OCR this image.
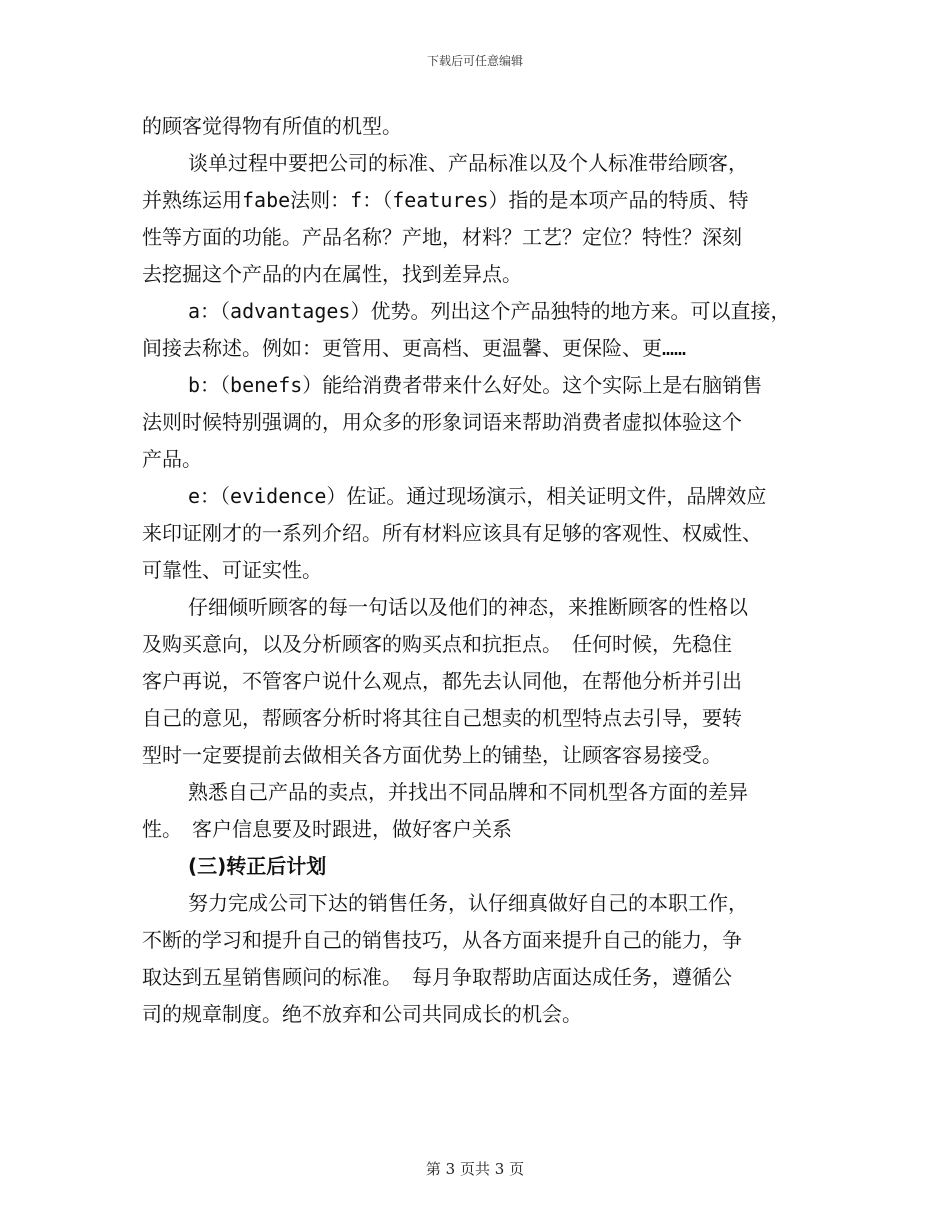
下载后可任意编辑
的顾客觉得物有所值的机型。
谈单过程中要把公司的标准、产品标准以及个人标准带给顾客，
并熟练运用fabe法则：f：（features）指的是本项产品的特质、特
性等方面的功能。产品名称？产地，材料？工艺？定位？特性？深刻
去挖掘这个产品的内在属性，找到差异点。
a：（advantages）优势。列出这个产品独特的地方来。可以直接，
间接去称述。例如：更管用、更高档、更温馨、更保险、更……
b：（benefs）能给消费者带来什么好处。这个实际上是右脑销售
法则时候特别强调的，用众多的形象词语来帮助消费者虚拟体验这个
产品。
e：（evidence）佐证。通过现场演示，相关证明文件，品牌效应
来印证刚才的一系列介绍。所有材料应该具有足够的客观性、权威性、
可靠性、可证实性。
仔细倾听顾客的每一句话以及他们的神态，来推断顾客的性格以
及购买意向，以及分析顾客的购买点和抗拒点。　任何时候，先稳住
客户再说，不管客户说什么观点，都先去认同他，在帮他分析并引出
自己的意见，帮顾客分析时将其往自己想卖的机型特点去引导，要转
型时一定要提前去做相关各方面优势上的铺垫，让顾客容易接受。
熟悉自己产品的卖点，并找出不同品牌和不同机型各方面的差异
性。　客户信息要及时跟进，做好客户关系
(三)转正后计划
努力完成公司下达的销售任务，认仔细真做好自己的本职工作，
不断的学习和提升自己的销售技巧，从各方面来提升自己的能力，争
取达到五星销售顾问的标准。　每月争取帮助店面达成任务，遵循公
司的规章制度。绝不放弃和公司共同成长的机会。
第 3 页共 3 页
